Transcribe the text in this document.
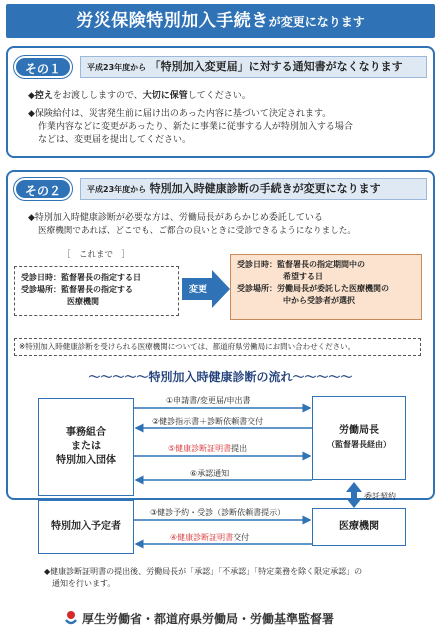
労災保険特別加入手続きが変更になります
その１	平成23年度から 「特別加入変更届」に対する通知書がなくなります
◆控えをお渡ししますので、大切に保管してください。
◆保険給付は、災害発生前に届け出のあった内容に基づいて決定されます。
作業内容などに変更があったり、新たに事業に従事する人が特別加入する場合
などは、変更届を提出してください。
その２	平成23年度から 特別加入時健康診断の手続きが変更になります
◆特別加入時健康診断が必要な方は、労働局長があらかじめ委託している
医療機関であれば、どこでも、ご都合の良いときに受診できるようになりました。
［　これまで　］
受診日時：監督署長の指定する日
受診場所：監督署長の指定する
医療機関
変更
受診日時：監督署長の指定期間中の
希望する日
受診場所：労働局長が委託した医療機関の
中から受診者が選択
※特別加入時健康診断を受けられる医療機関については、都道府県労働局にお問い合わせください。
〜〜〜〜〜特別加入時健康診断の流れ〜〜〜〜〜
事務組合
または
特別加入団体
特別加入予定者
労働局長
（監督署長経由）
医療機関
①申請書/変更届/申出書
②健診指示書＋診断依頼書交付
⑤健康診断証明書提出
⑥承認通知
③健診予約・受診（診断依頼書提示）
④健康診断証明書交付
委託契約
◆健康診断証明書の提出後、労働局長が「承認」「不承認」「特定業務を除く限定承認」の
通知を行います。
厚生労働省・都道府県労働局・労働基準監督署
